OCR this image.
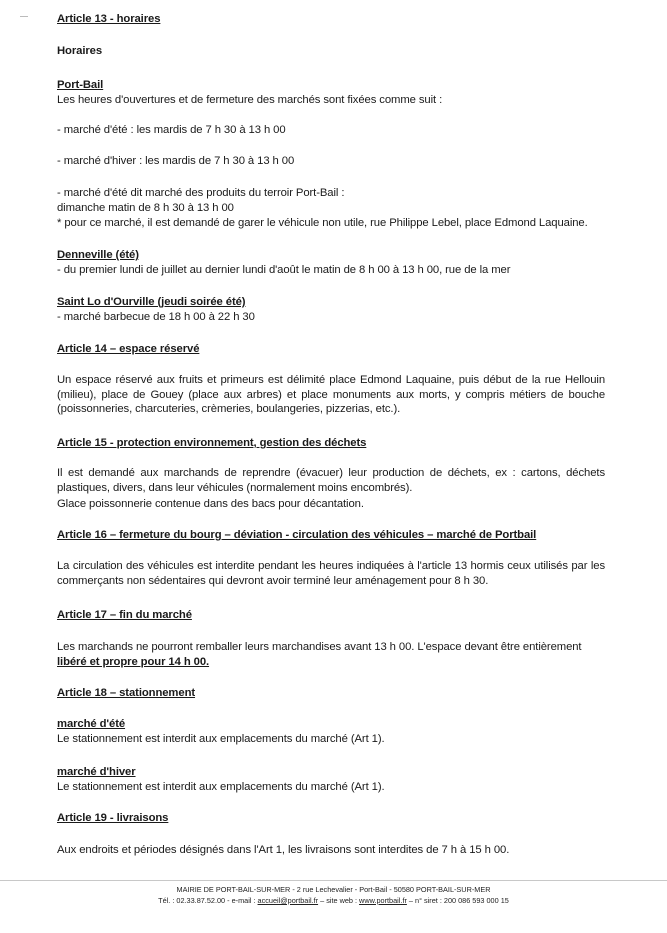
Article 13 - horaires
Horaires
Port-Bail
Les heures d'ouvertures et de fermeture des marchés sont fixées comme suit :
- marché d'été : les mardis de 7 h 30 à 13 h 00
- marché d'hiver : les mardis de 7 h 30 à 13 h 00
- marché d'été dit marché des produits du terroir Port-Bail :
dimanche matin de 8 h 30 à 13 h 00
* pour ce marché, il est demandé de garer le véhicule non utile, rue Philippe Lebel, place Edmond Laquaine.
Denneville (été)
- du premier lundi de juillet au dernier lundi d'août le matin de 8 h 00 à 13 h 00, rue de la mer
Saint Lo d'Ourville (jeudi soirée été)
- marché barbecue de 18 h 00 à 22 h 30
Article 14 – espace réservé
Un espace réservé aux fruits et primeurs est délimité place Edmond Laquaine, puis début de la rue Hellouin (milieu), place de Gouey (place aux arbres) et place monuments aux morts, y compris métiers de bouche (poissonneries, charcuteries, crèmeries, boulangeries, pizzerias, etc.).
Article 15 - protection environnement, gestion des déchets
Il est demandé aux marchands de reprendre (évacuer) leur production de déchets, ex : cartons, déchets plastiques, divers, dans leur véhicules (normalement moins encombrés).
Glace poissonnerie contenue dans des bacs pour décantation.
Article 16 – fermeture du bourg – déviation - circulation des véhicules – marché de Portbail
La circulation des véhicules est interdite pendant les heures indiquées à l'article 13 hormis ceux utilisés par les commerçants non sédentaires qui devront avoir terminé leur aménagement pour 8 h 30.
Article 17 – fin du marché
Les marchands ne pourront remballer leurs marchandises avant 13 h 00. L'espace devant être entièrement
libéré et propre pour 14 h 00.
Article 18 – stationnement
marché d'été
Le stationnement est interdit aux emplacements du marché (Art 1).
marché d'hiver
Le stationnement est interdit aux emplacements du marché (Art 1).
Article 19 - livraisons
Aux endroits et périodes désignés dans l'Art 1, les livraisons sont interdites de 7 h à 15 h 00.
MAIRIE DE PORT-BAIL-SUR-MER - 2 rue Lechevalier - Port-Bail - 50580 PORT-BAIL-SUR-MER
Tél. : 02.33.87.52.00 - e-mail : accueil@portbail.fr – site web : www.portbail.fr – n° siret : 200 086 593 000 15
